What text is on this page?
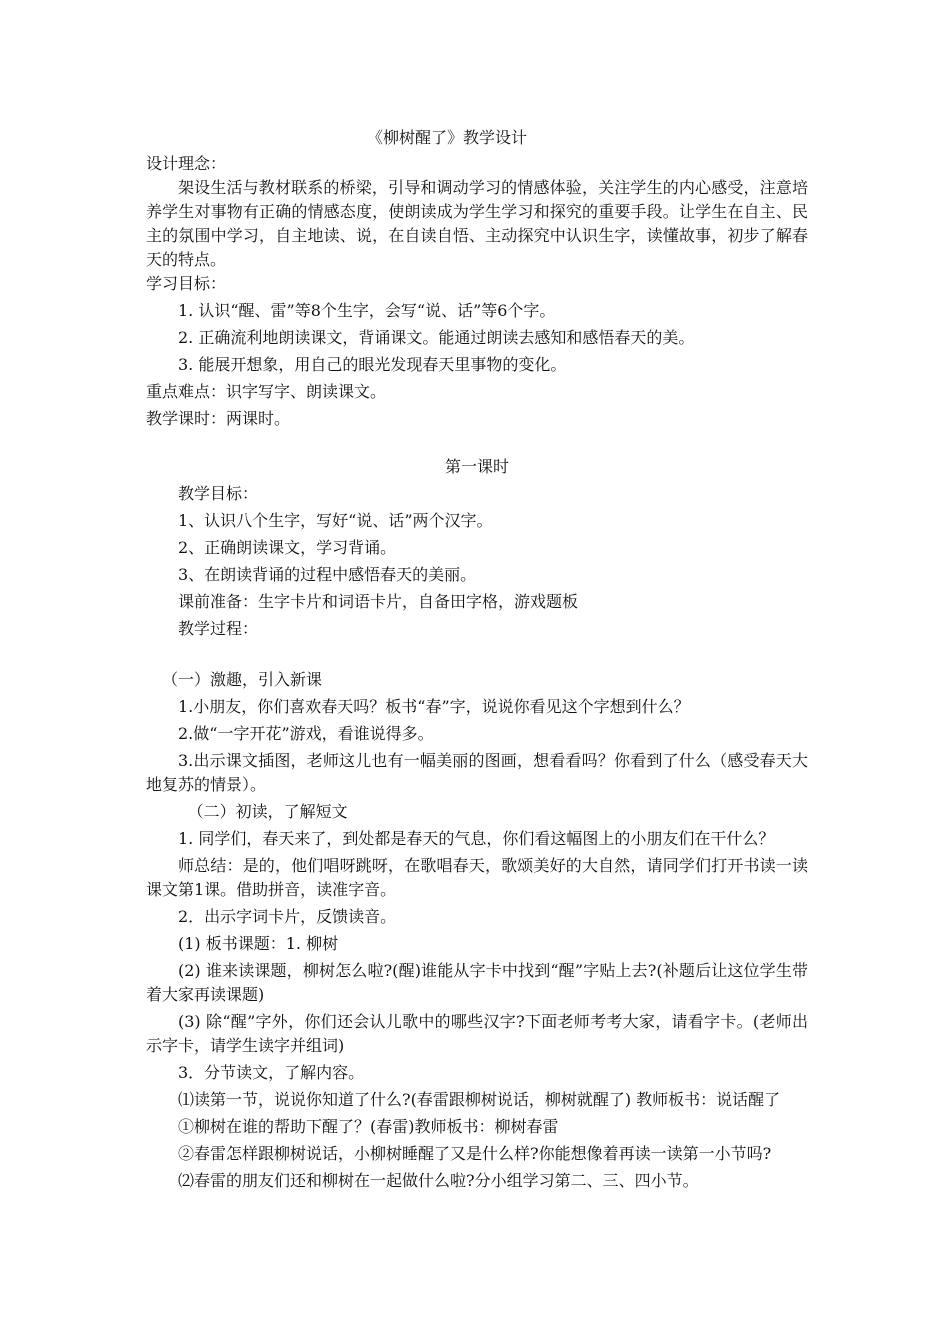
《柳树醒了》教学设计

设计理念：

架设生活与教材联系的桥梁，引导和调动学习的情感体验，关注学生的内心感受，注意培养学生对事物有正确的情感态度，使朗读成为学生学习和探究的重要手段。让学生在自主、民主的氛围中学习，自主地读、说，在自读自悟、主动探究中认识生字，读懂故事，初步了解春天的特点。

学习目标：

1. 认识“醒、雷”等8个生字，会写“说、话”等6个字。

2. 正确流利地朗读课文，背诵课文。能通过朗读去感知和感悟春天的美。

3. 能展开想象，用自己的眼光发现春天里事物的变化。

重点难点：识字写字、朗读课文。

教学课时：两课时。

第一课时

教学目标：

1、认识八个生字，写好“说、话”两个汉字。

2、正确朗读课文，学习背诵。

3、在朗读背诵的过程中感悟春天的美丽。

课前准备：生字卡片和词语卡片，自备田字格，游戏题板

教学过程：

（一）激趣，引入新课

1.小朋友，你们喜欢春天吗？板书“春”字，说说你看见这个字想到什么？

2.做“一字开花”游戏，看谁说得多。

3.出示课文插图，老师这儿也有一幅美丽的图画，想看看吗？你看到了什么（感受春天大地复苏的情景）。

（二）初读，了解短文

1. 同学们，春天来了，到处都是春天的气息，你们看这幅图上的小朋友们在干什么？

师总结：是的，他们唱呀跳呀，在歌唱春天，歌颂美好的大自然，请同学们打开书读一读课文第1课。借助拼音，读准字音。

2．出示字词卡片，反馈读音。

(1) 板书课题：1. 柳树

(2) 谁来读课题，柳树怎么啦?(醒)谁能从字卡中找到“醒”字贴上去?(补题后让这位学生带着大家再读课题)

(3) 除“醒”字外，你们还会认儿歌中的哪些汉字?下面老师考考大家，请看字卡。(老师出示字卡，请学生读字并组词)

3．分节读文，了解内容。

⑴读第一节，说说你知道了什么?(春雷跟柳树说话，柳树就醒了) 教师板书：说话醒了

①柳树在谁的帮助下醒了？(春雷)教师板书：柳树春雷

②春雷怎样跟柳树说话，小柳树睡醒了又是什么样?你能想像着再读一读第一小节吗?

⑵春雷的朋友们还和柳树在一起做什么啦?分小组学习第二、三、四小节。
